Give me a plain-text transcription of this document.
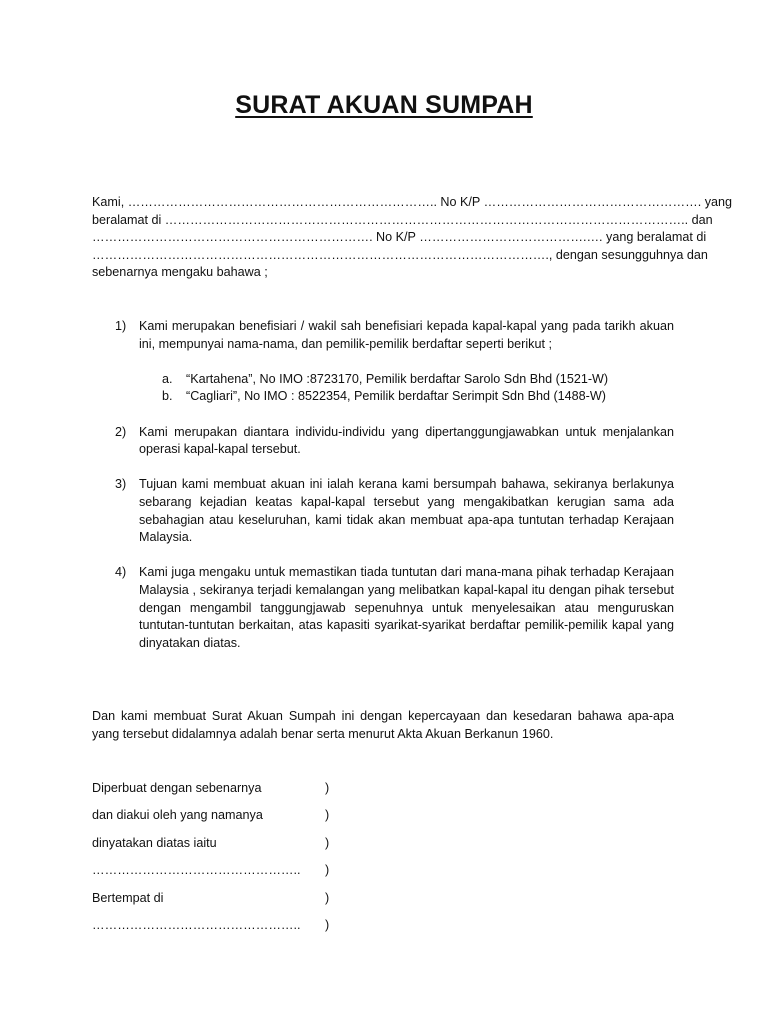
SURAT AKUAN SUMPAH
Kami, ……………………………………………………………….. No K/P ……………………………………………. yang
beralamat di …………………………………………………………………………………………………………….. dan
…………………………………………………………. No K/P ………………………………….…. yang beralamat di
………………………………………………………………………………………………., dengan sesungguhnya dan
sebenarnya mengaku bahawa ;
1) Kami merupakan benefisiari / wakil sah benefisiari kepada kapal-kapal yang pada tarikh akuan ini, mempunyai nama-nama, dan pemilik-pemilik berdaftar seperti berikut ;
a. “Kartahena”, No IMO :8723170, Pemilik berdaftar Sarolo Sdn Bhd (1521-W)
b. “Cagliari”, No IMO : 8522354, Pemilik berdaftar Serimpit Sdn Bhd (1488-W)
2) Kami merupakan diantara individu-individu yang dipertanggungjawabkan untuk menjalankan operasi kapal-kapal tersebut.
3) Tujuan kami membuat akuan ini ialah kerana kami bersumpah bahawa, sekiranya berlakunya sebarang kejadian keatas kapal-kapal tersebut yang mengakibatkan kerugian sama ada sebahagian atau keseluruhan, kami tidak akan membuat apa-apa tuntutan terhadap Kerajaan Malaysia.
4) Kami juga mengaku untuk memastikan tiada tuntutan dari mana-mana pihak terhadap Kerajaan Malaysia , sekiranya terjadi kemalangan yang melibatkan kapal-kapal itu dengan pihak tersebut dengan mengambil tanggungjawab sepenuhnya untuk menyelesaikan atau menguruskan tuntutan-tuntutan berkaitan, atas kapasiti syarikat-syarikat berdaftar pemilik-pemilik kapal yang dinyatakan diatas.
Dan kami membuat Surat Akuan Sumpah ini dengan kepercayaan dan kesedaran bahawa apa-apa yang tersebut didalamnya adalah benar serta menurut Akta Akuan Berkanun 1960.
Diperbuat dengan sebenarnya	)
dan diakui oleh yang namanya	)
dinyatakan diatas iaitu	)
………………………………………….. )
Bertempat di	)
………………………………………….. )
